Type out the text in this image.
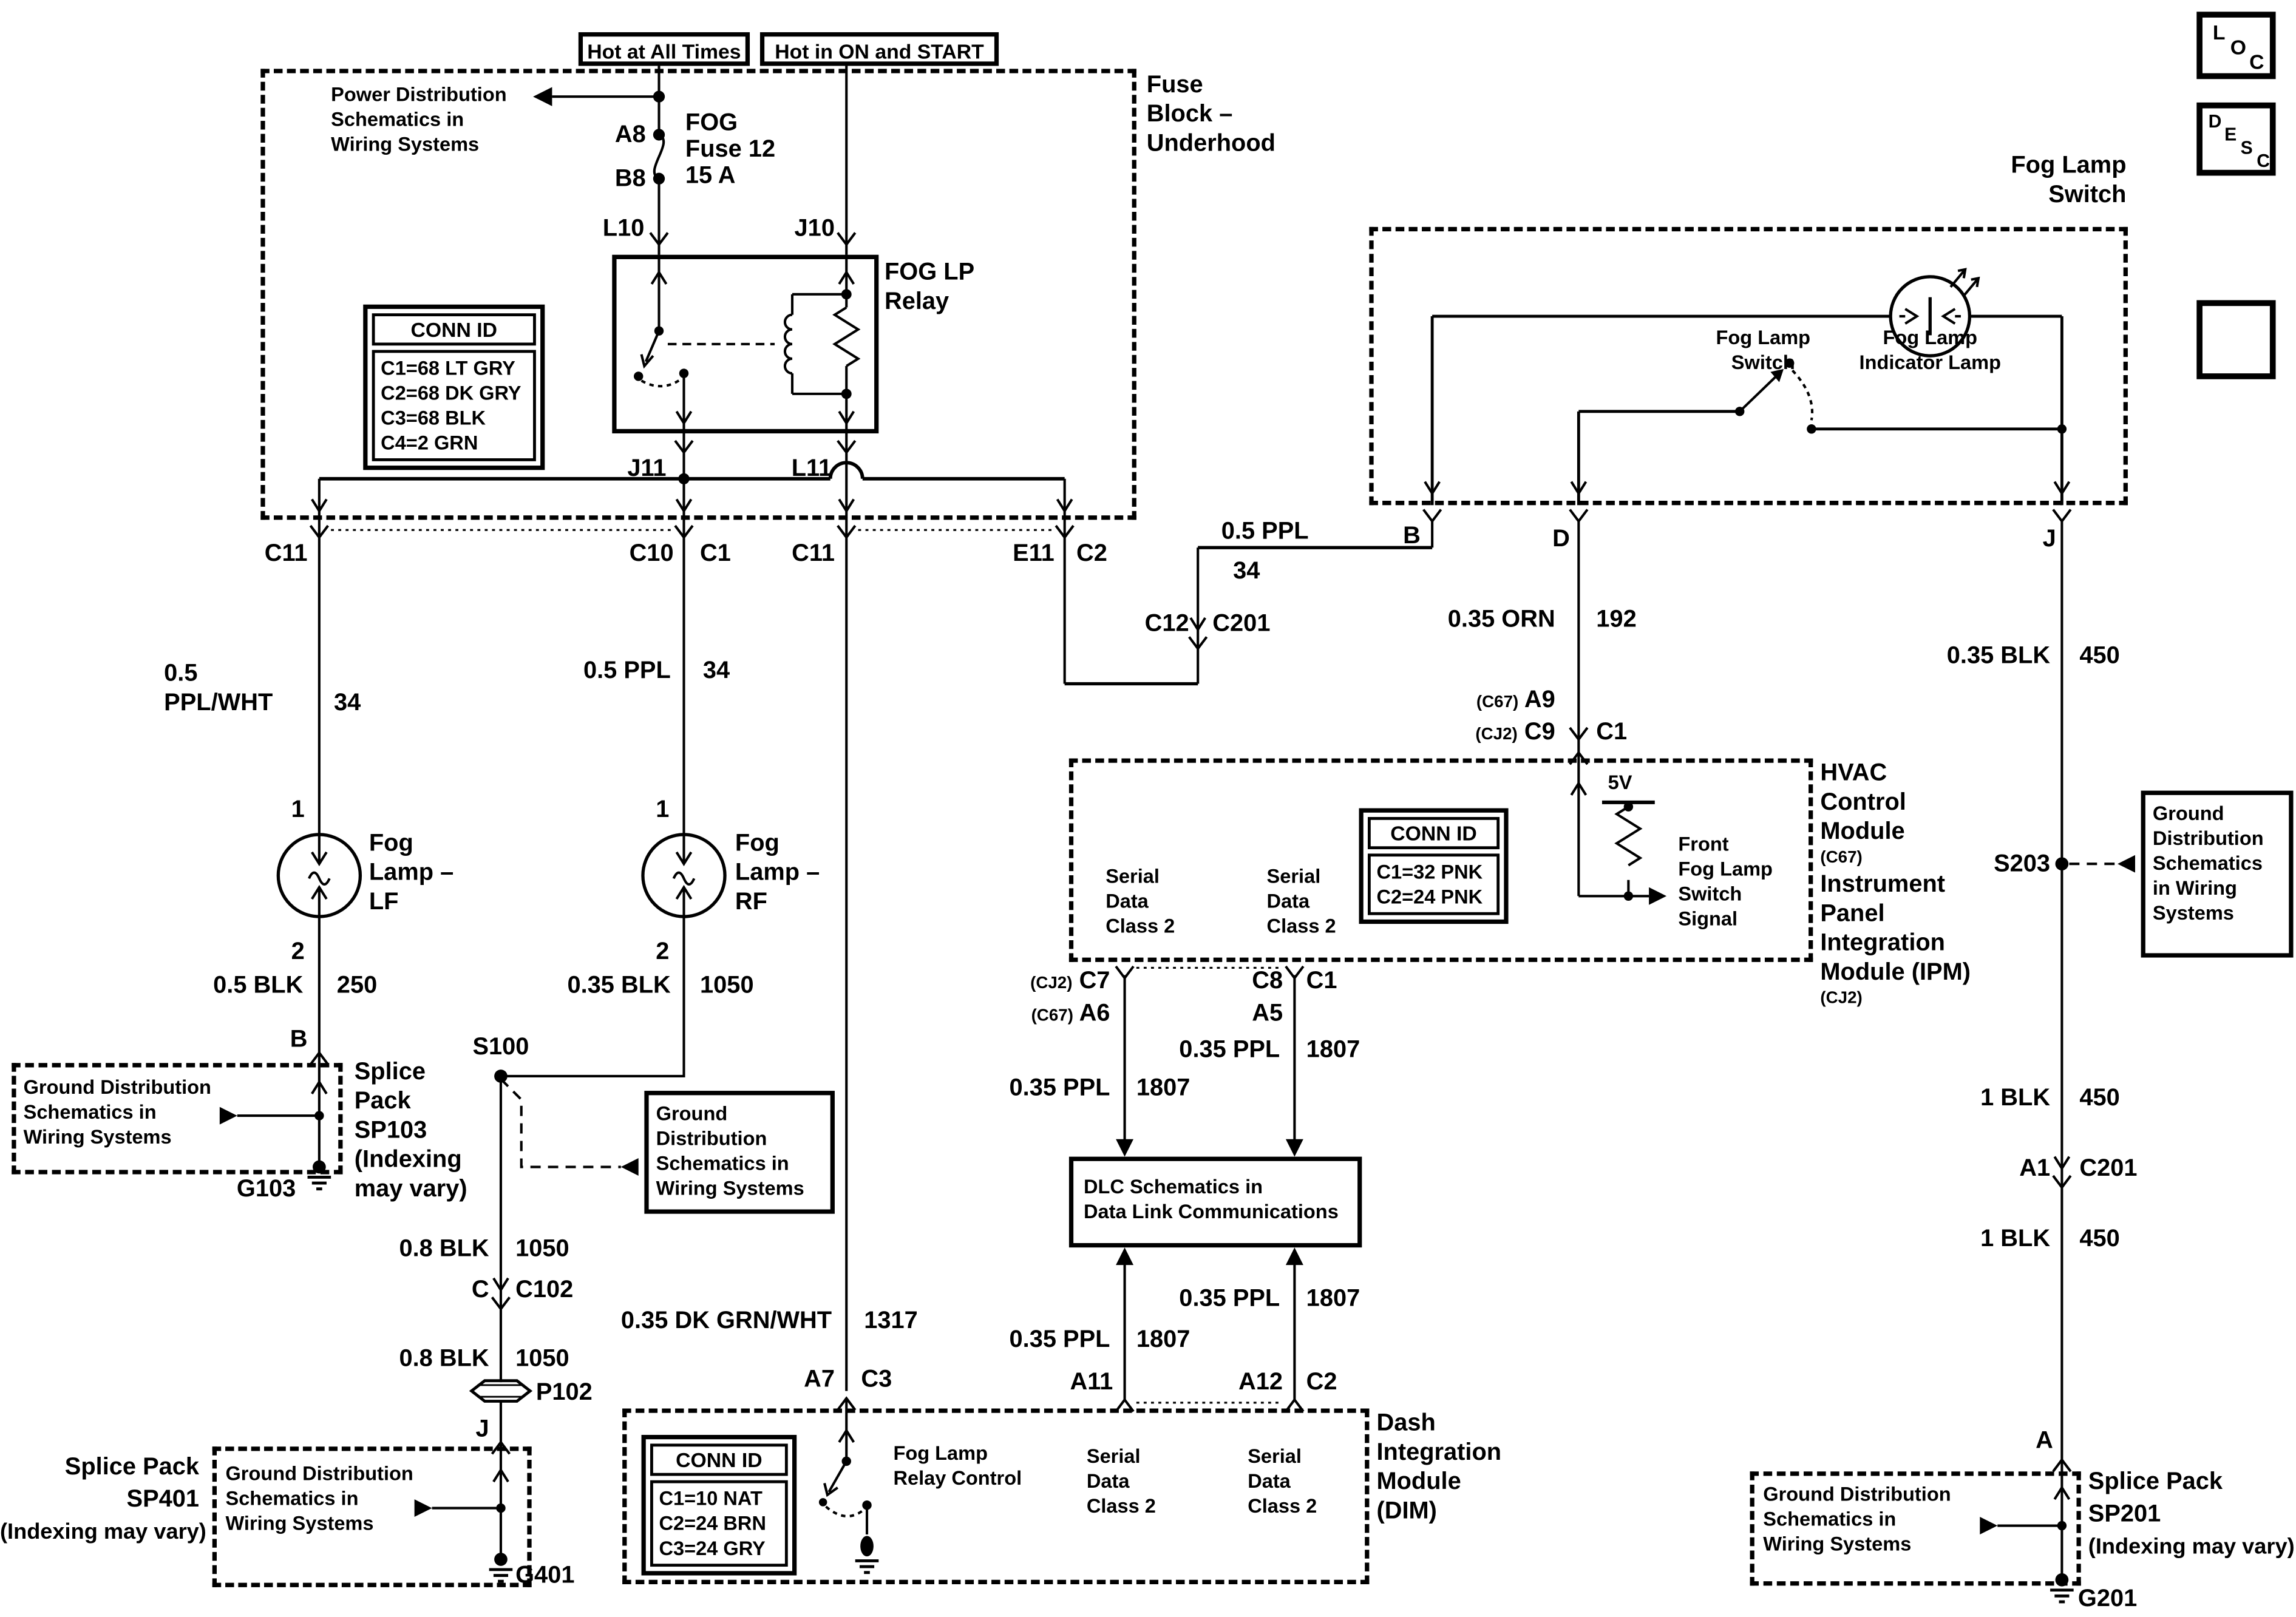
Hot at All Times	Hot in ON and START
Fuse
Block –
Underhood
Power Distribution
Schematics in
Wiring Systems	A8
B8
FOG
Fuse 12
15 A
L10	J10
FOG LP
Relay
CONN ID
C1=68 LT GRY
C2=68 DK GRY
C3=68 BLK
C4=2 GRN
J11	L11
C11	C10	C1	C11	E11 C2
0.5
PPL/WHT	34
0.5 PPL	34
1
2
Fog
Lamp –
LF
1
2
Fog
Lamp –
RF
0.5 BLK	250	0.35 BLK	1050
B
Ground Distribution
Schematics in
Wiring Systems
Splice
Pack
SP103
(Indexing
may vary)
G103
S100
Ground
Distribution
Schematics in
Wiring Systems
0.8 BLK	1050
C	C102
0.8 BLK	1050
P102
J
Splice Pack
SP401
(Indexing may vary)
Ground Distribution
Schematics in
Wiring Systems
G401
0.5 PPL
34
C12 C201
B	D	J
0.35 ORN	192
(C67) A9
(CJ2) C9	C1
Fog Lamp
Switch
Fog Lamp
Switch
Fog Lamp
Indicator Lamp
Serial
Data
Class 2
Serial
Data
Class 2
CONN ID
C1=32 PNK
C2=24 PNK
5V
Front
Fog Lamp
Switch
Signal
HVAC
Control
Module
(C67)
Instrument
Panel
Integration
Module (IPM)
(CJ2)
(CJ2) C7
(C67) A6
C8
A5
C1
0.35 PPL	1807
0.35 PPL	1807
DLC Schematics in
Data Link Communications
0.35 PPL	1807
0.35 PPL	1807
A11	A12 C2
0.35 DK GRN/WHT	1317
A7	C3
CONN ID
C1=10 NAT
C2=24 BRN
C3=24 GRY
Fog Lamp
Relay Control
Serial
Data
Class 2
Serial
Data
Class 2
Dash
Integration
Module
(DIM)
0.35 BLK	450
S203
Ground
Distribution
Schematics
in Wiring
Systems
1 BLK	450
A1	C201
1 BLK	450
A
Ground Distribution
Schematics in
Wiring Systems
Splice Pack
SP201
(Indexing may vary)
G201
L
O
C
D
E
S
C
